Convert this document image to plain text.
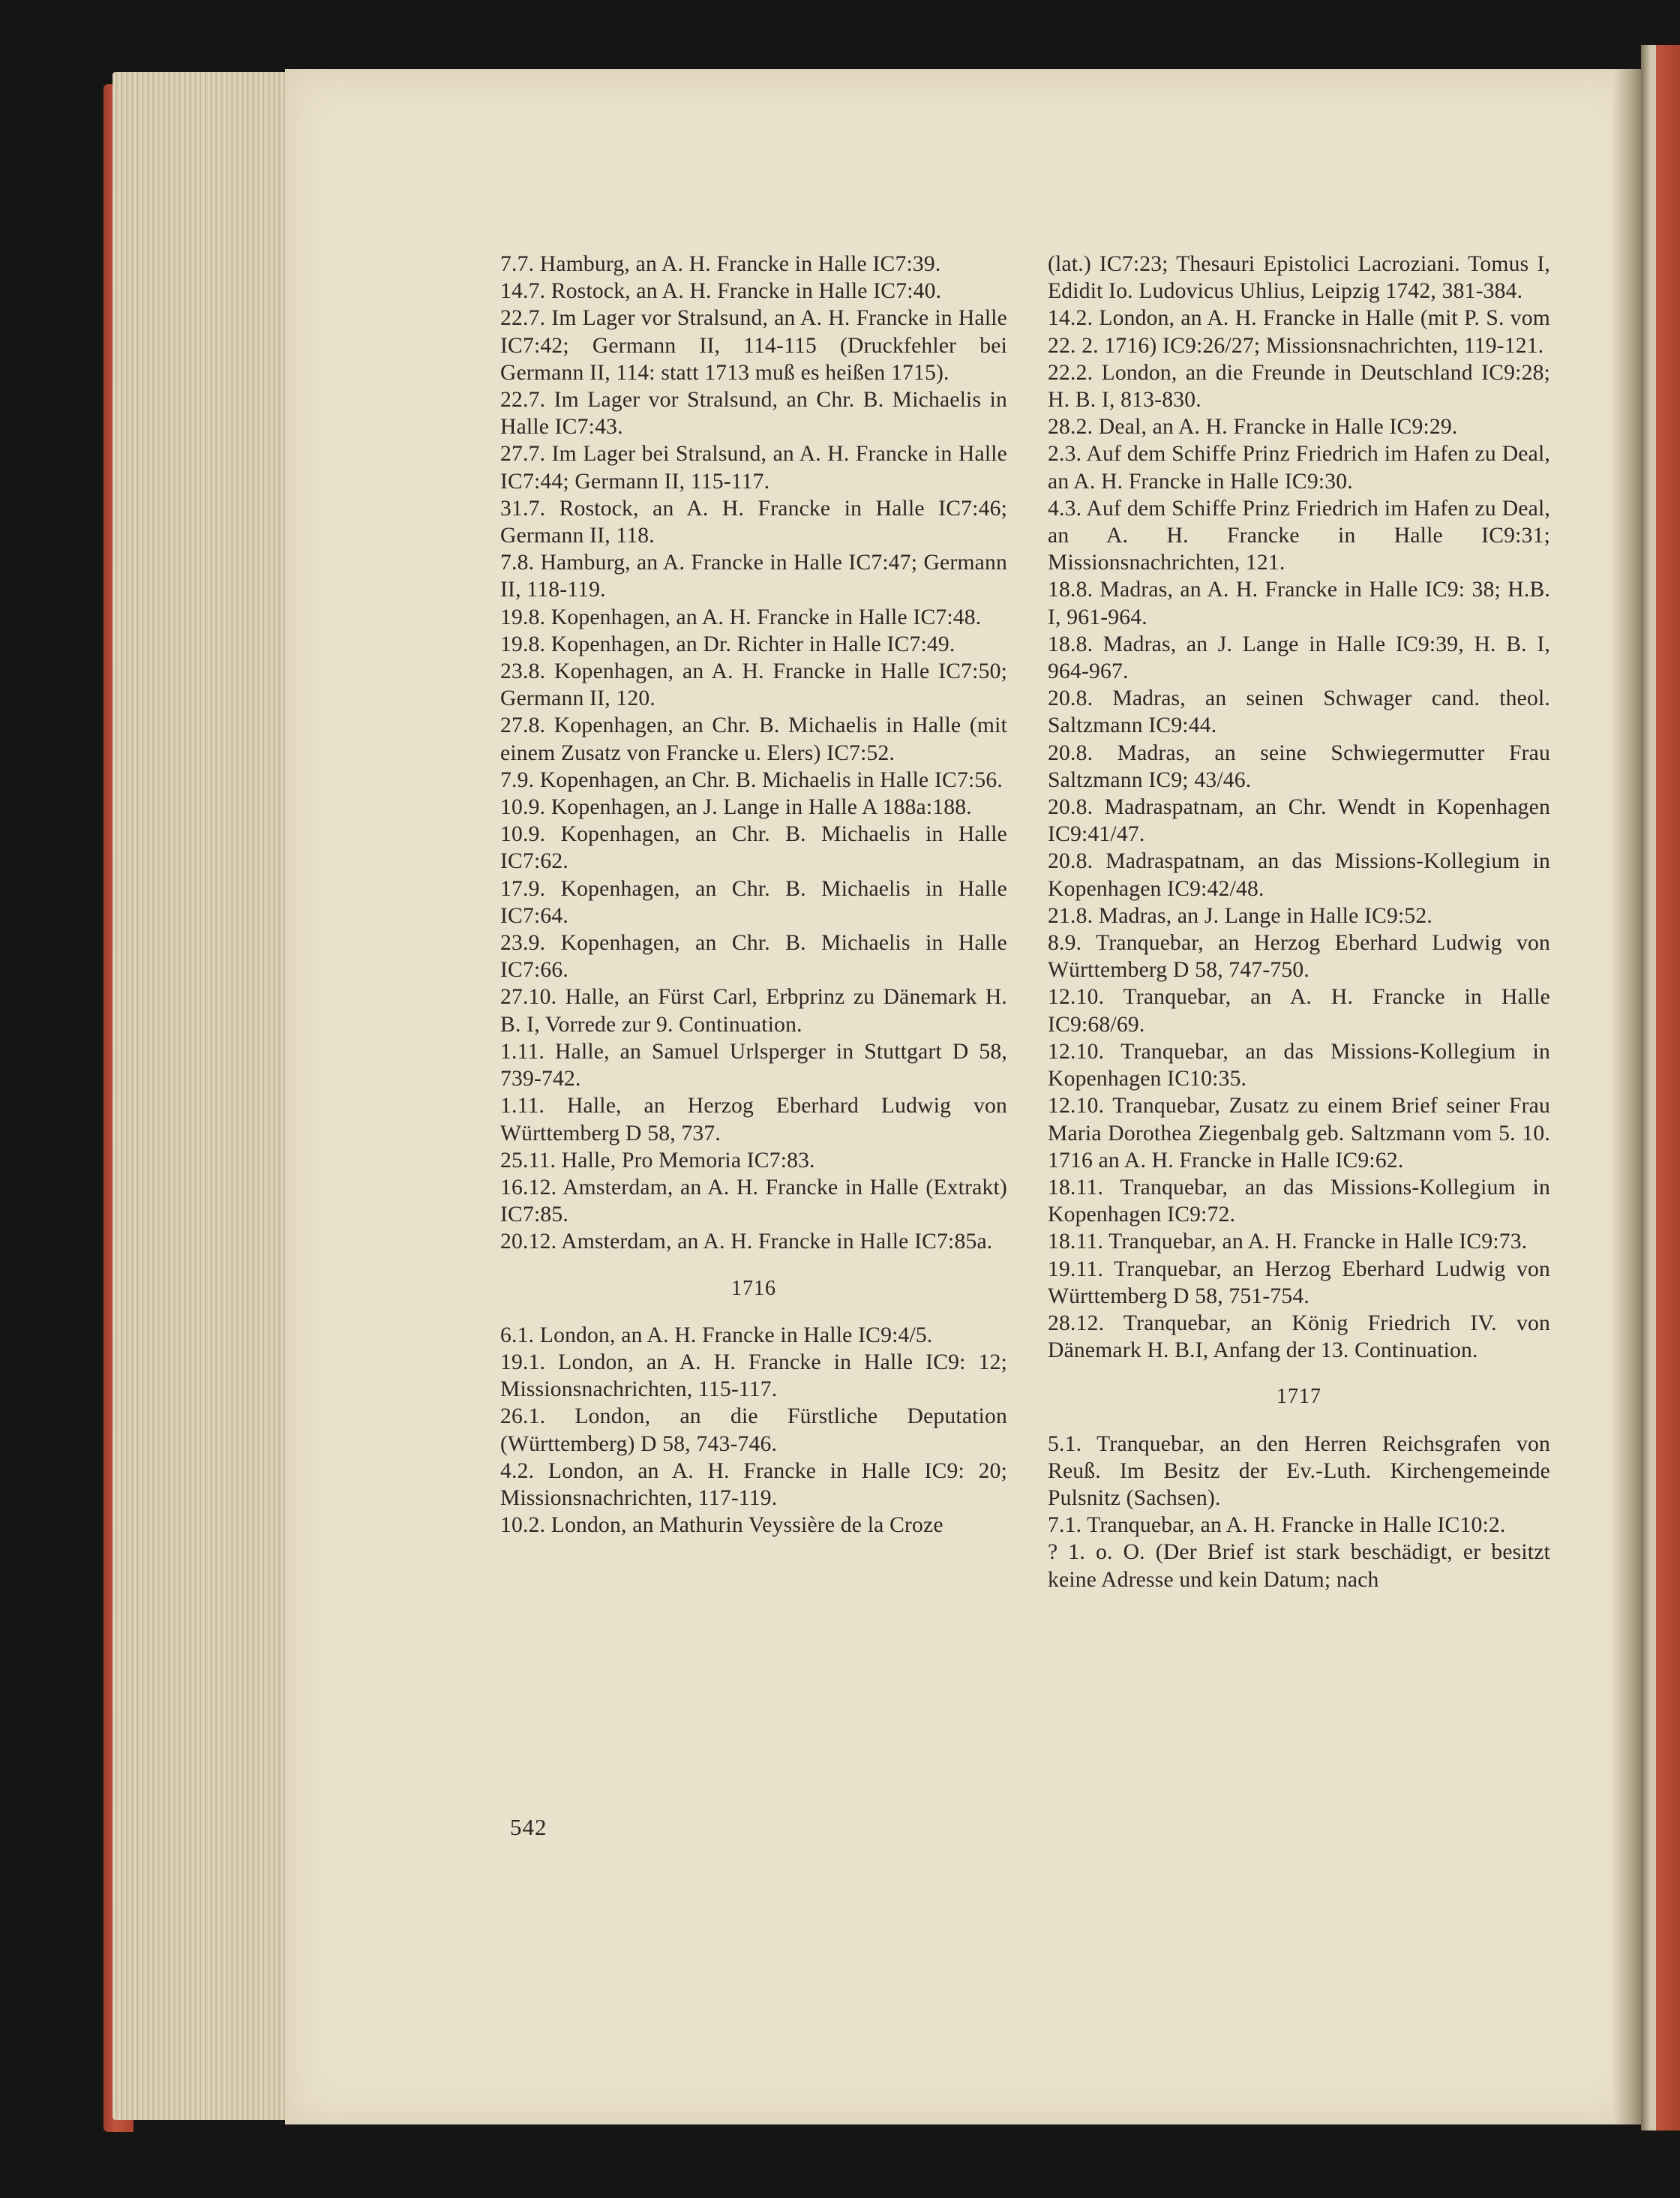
7.7. Hamburg, an A. H. Francke in Halle IC7:39.

14.7. Rostock, an A. H. Francke in Halle IC7:40.

22.7. Im Lager vor Stralsund, an A. H. Francke in Halle IC7:42; Germann II, 114-115 (Druckfehler bei Germann II, 114: statt 1713 muß es heißen 1715).

22.7. Im Lager vor Stralsund, an Chr. B. Michaelis in Halle IC7:43.

27.7. Im Lager bei Stralsund, an A. H. Francke in Halle IC7:44; Germann II, 115-117.

31.7. Rostock, an A. H. Francke in Halle IC7:46; Germann II, 118.

7.8. Hamburg, an A. Francke in Halle IC7:47; Germann II, 118-119.

19.8. Kopenhagen, an A. H. Francke in Halle IC7:48.

19.8. Kopenhagen, an Dr. Richter in Halle IC7:49.

23.8. Kopenhagen, an A. H. Francke in Halle IC7:50; Germann II, 120.

27.8. Kopenhagen, an Chr. B. Michaelis in Halle (mit einem Zusatz von Francke u. Elers) IC7:52.

7.9. Kopenhagen, an Chr. B. Michaelis in Halle IC7:56.

10.9. Kopenhagen, an J. Lange in Halle A 188a:188.

10.9. Kopenhagen, an Chr. B. Michaelis in Halle IC7:62.

17.9. Kopenhagen, an Chr. B. Michaelis in Halle IC7:64.

23.9. Kopenhagen, an Chr. B. Michaelis in Halle IC7:66.

27.10. Halle, an Fürst Carl, Erbprinz zu Dänemark H. B. I, Vorrede zur 9. Continuation.

1.11. Halle, an Samuel Urlsperger in Stuttgart D 58, 739-742.

1.11. Halle, an Herzog Eberhard Ludwig von Württemberg D 58, 737.

25.11. Halle, Pro Memoria IC7:83.

16.12. Amsterdam, an A. H. Francke in Halle (Extrakt) IC7:85.

20.12. Amsterdam, an A. H. Francke in Halle IC7:85a.

1716

6.1. London, an A. H. Francke in Halle IC9:4/5.

19.1. London, an A. H. Francke in Halle IC9: 12; Missionsnachrichten, 115-117.

26.1. London, an die Fürstliche Deputation (Württemberg) D 58, 743-746.

4.2. London, an A. H. Francke in Halle IC9: 20; Missionsnachrichten, 117-119.

10.2. London, an Mathurin Veyssière de la Croze

(lat.) IC7:23; Thesauri Epistolici Lacroziani. Tomus I, Edidit Io. Ludovicus Uhlius, Leipzig 1742, 381-384.

14.2. London, an A. H. Francke in Halle (mit P. S. vom 22. 2. 1716) IC9:26/27; Missionsnachrichten, 119-121.

22.2. London, an die Freunde in Deutschland IC9:28; H. B. I, 813-830.

28.2. Deal, an A. H. Francke in Halle IC9:29.

2.3. Auf dem Schiffe Prinz Friedrich im Hafen zu Deal, an A. H. Francke in Halle IC9:30.

4.3. Auf dem Schiffe Prinz Friedrich im Hafen zu Deal, an A. H. Francke in Halle IC9:31; Missionsnachrichten, 121.

18.8. Madras, an A. H. Francke in Halle IC9: 38; H.B. I, 961-964.

18.8. Madras, an J. Lange in Halle IC9:39, H. B. I, 964-967.

20.8. Madras, an seinen Schwager cand. theol. Saltzmann IC9:44.

20.8. Madras, an seine Schwiegermutter Frau Saltzmann IC9; 43/46.

20.8. Madraspatnam, an Chr. Wendt in Kopenhagen IC9:41/47.

20.8. Madraspatnam, an das Missions-Kollegium in Kopenhagen IC9:42/48.

21.8. Madras, an J. Lange in Halle IC9:52.

8.9. Tranquebar, an Herzog Eberhard Ludwig von Württemberg D 58, 747-750.

12.10. Tranquebar, an A. H. Francke in Halle IC9:68/69.

12.10. Tranquebar, an das Missions-Kollegium in Kopenhagen IC10:35.

12.10. Tranquebar, Zusatz zu einem Brief seiner Frau Maria Dorothea Ziegenbalg geb. Saltzmann vom 5. 10. 1716 an A. H. Francke in Halle IC9:62.

18.11. Tranquebar, an das Missions-Kollegium in Kopenhagen IC9:72.

18.11. Tranquebar, an A. H. Francke in Halle IC9:73.

19.11. Tranquebar, an Herzog Eberhard Ludwig von Württemberg D 58, 751-754.

28.12. Tranquebar, an König Friedrich IV. von Dänemark H. B.I, Anfang der 13. Continuation.

1717

5.1. Tranquebar, an den Herren Reichsgrafen von Reuß. Im Besitz der Ev.-Luth. Kirchengemeinde Pulsnitz (Sachsen).

7.1. Tranquebar, an A. H. Francke in Halle IC10:2.

? 1. o. O. (Der Brief ist stark beschädigt, er besitzt keine Adresse und kein Datum; nach

542
